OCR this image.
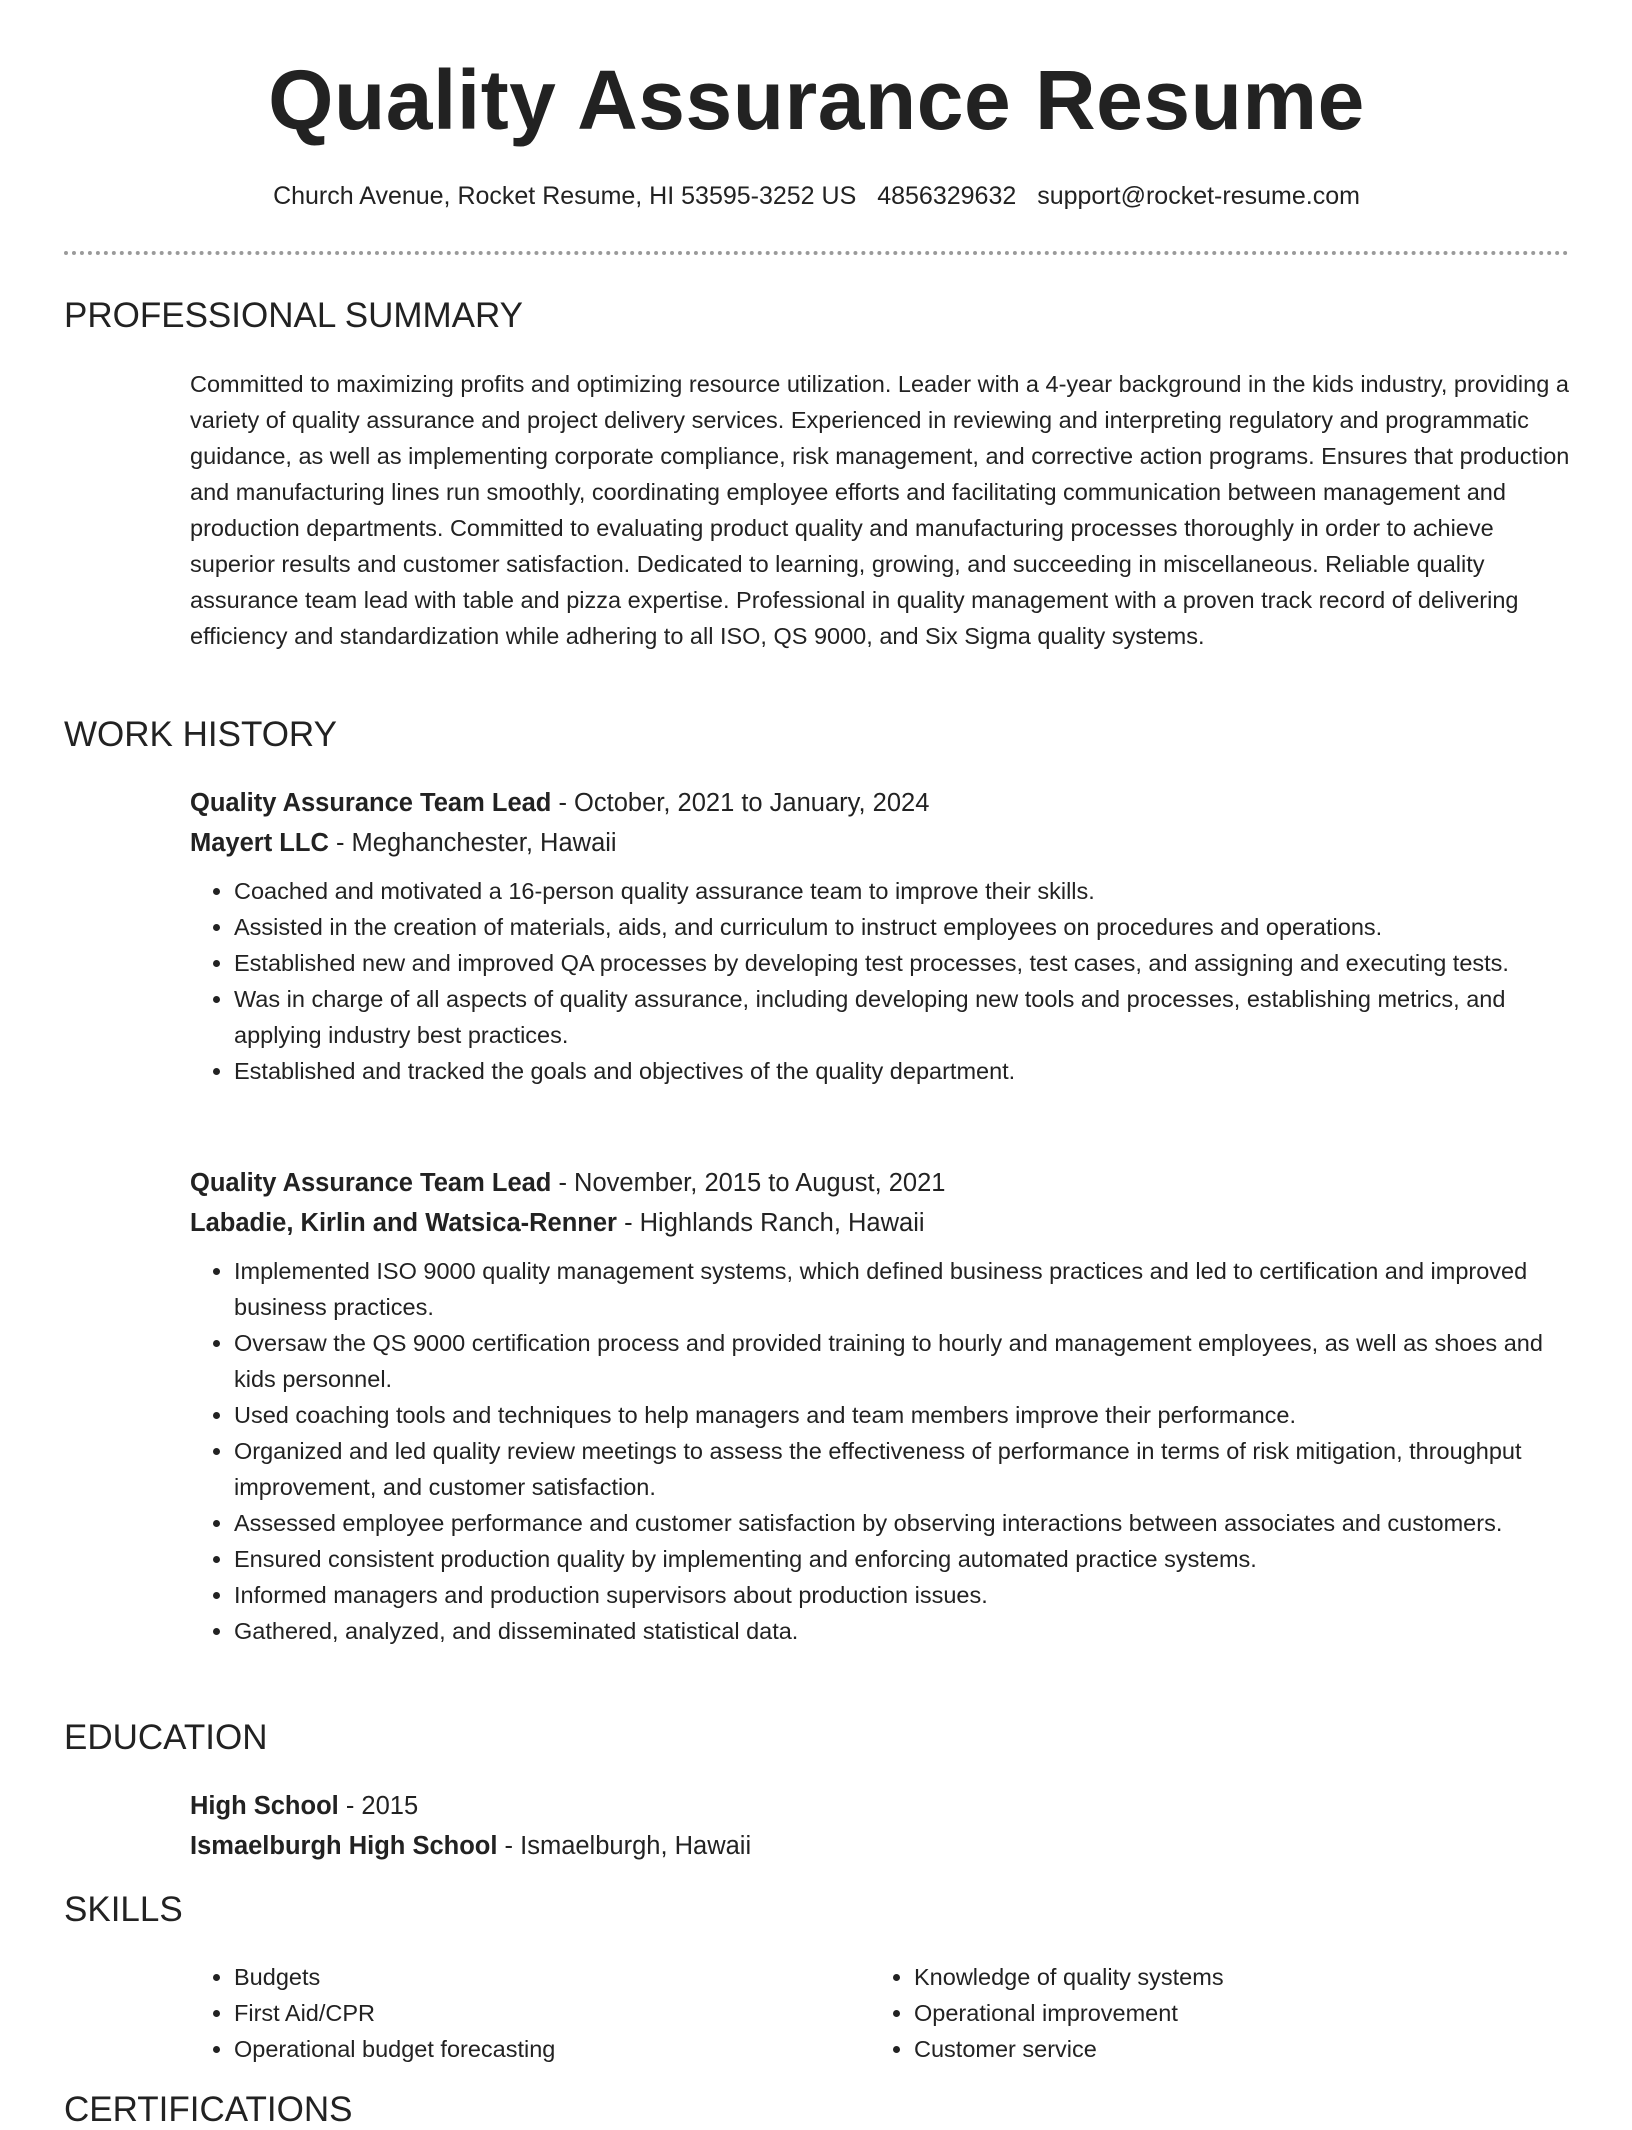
Quality Assurance Resume
Church Avenue, Rocket Resume, HI 53595-3252 US 4856329632 support@rocket-resume.com
PROFESSIONAL SUMMARY

Committed to maximizing profits and optimizing resource utilization. Leader with a 4-year background in the kids industry, providing a variety of quality assurance and project delivery services. Experienced in reviewing and interpreting regulatory and programmatic guidance, as well as implementing corporate compliance, risk management, and corrective action programs. Ensures that production and manufacturing lines run smoothly, coordinating employee efforts and facilitating communication between management and production departments. Committed to evaluating product quality and manufacturing processes thoroughly in order to achieve superior results and customer satisfaction. Dedicated to learning, growing, and succeeding in miscellaneous. Reliable quality assurance team lead with table and pizza expertise. Professional in quality management with a proven track record of delivering efficiency and standardization while adhering to all ISO, QS 9000, and Six Sigma quality systems.

WORK HISTORY
Quality Assurance Team Lead - October, 2021 to January, 2024
Mayert LLC - Meghanchester, Hawaii
• Coached and motivated a 16-person quality assurance team to improve their skills.
• Assisted in the creation of materials, aids, and curriculum to instruct employees on procedures and operations.
• Established new and improved QA processes by developing test processes, test cases, and assigning and executing tests.
• Was in charge of all aspects of quality assurance, including developing new tools and processes, establishing metrics, and applying industry best practices.
• Established and tracked the goals and objectives of the quality department.
Quality Assurance Team Lead - November, 2015 to August, 2021
Labadie, Kirlin and Watsica-Renner - Highlands Ranch, Hawaii
• Implemented ISO 9000 quality management systems, which defined business practices and led to certification and improved business practices.
• Oversaw the QS 9000 certification process and provided training to hourly and management employees, as well as shoes and kids personnel.
• Used coaching tools and techniques to help managers and team members improve their performance.
• Organized and led quality review meetings to assess the effectiveness of performance in terms of risk mitigation, throughput improvement, and customer satisfaction.
• Assessed employee performance and customer satisfaction by observing interactions between associates and customers.
• Ensured consistent production quality by implementing and enforcing automated practice systems.
• Informed managers and production supervisors about production issues.
• Gathered, analyzed, and disseminated statistical data.
EDUCATION
High School - 2015
Ismaelburgh High School - Ismaelburgh, Hawaii
SKILLS
• Budgets
• First Aid/CPR
• Operational budget forecasting
• Knowledge of quality systems
• Operational improvement
• Customer service
CERTIFICATIONS
